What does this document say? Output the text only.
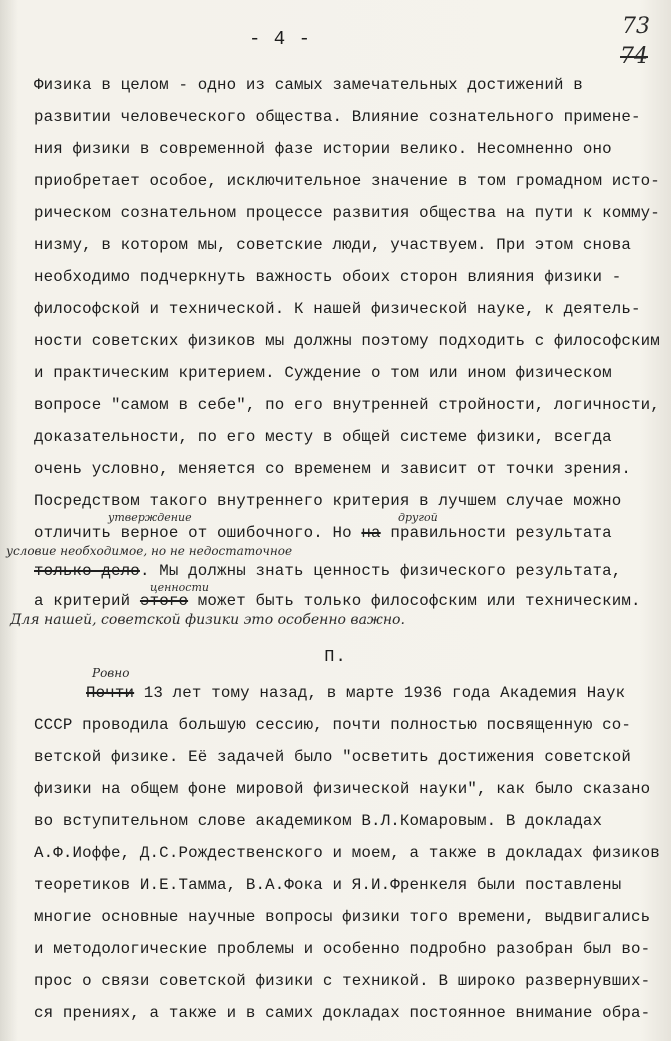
- 4 -	73
74
Физика в целом - одно из самых замечательных достижений в
развитии человеческого общества. Влияние сознательного примене-
ния физики в современной фазе истории велико. Несомненно оно
приобретает особое, исключительное значение в том громадном исто-
рическом сознательном процессе развития общества на пути к комму-
низму, в котором мы, советские люди, участвуем. При этом снова
необходимо подчеркнуть важность обоих сторон влияния физики -
философской и технической. К нашей физической науке, к деятель-
ности советских физиков мы должны поэтому подходить с философским
и практическим критерием. Суждение о том или ином физическом
вопросе "самом в себе", по его внутренней стройности, логичности,
доказательности, по его месту в общей системе физики, всегда
очень условно, меняется со временем и зависит от точки зрения.
Посредством такого внутреннего критерия в лучшем случае можно
утверждение	другой
отличить верное от ошибочного. Но на правильности результата
условие необходимое, но не недостаточное
только дело. Мы должны знать ценность физического результата,
ценности
а критерий этого может быть только философским или техническим.
Для нашей, советской физики это особенно важно.
П.
Ровно
Почти 13 лет тому назад, в марте 1936 года Академия Наук
СССР проводила большую сессию, почти полностью посвященную со-
ветской физике. Её задачей было "осветить достижения советской
физики на общем фоне мировой физической науки", как было сказано
во вступительном слове академиком В.Л.Комаровым. В докладах
А.Ф.Иоффе, Д.С.Рождественского и моем, а также в докладах физиков
теоретиков И.Е.Тамма, В.А.Фока и Я.И.Френкеля были поставлены
многие основные научные вопросы физики того времени, выдвигались
и методологические проблемы и особенно подробно разобран был во-
прос о связи советской физики с техникой. В широко развернувших-
ся прениях, а также и в самих докладах постоянное внимание обра-
